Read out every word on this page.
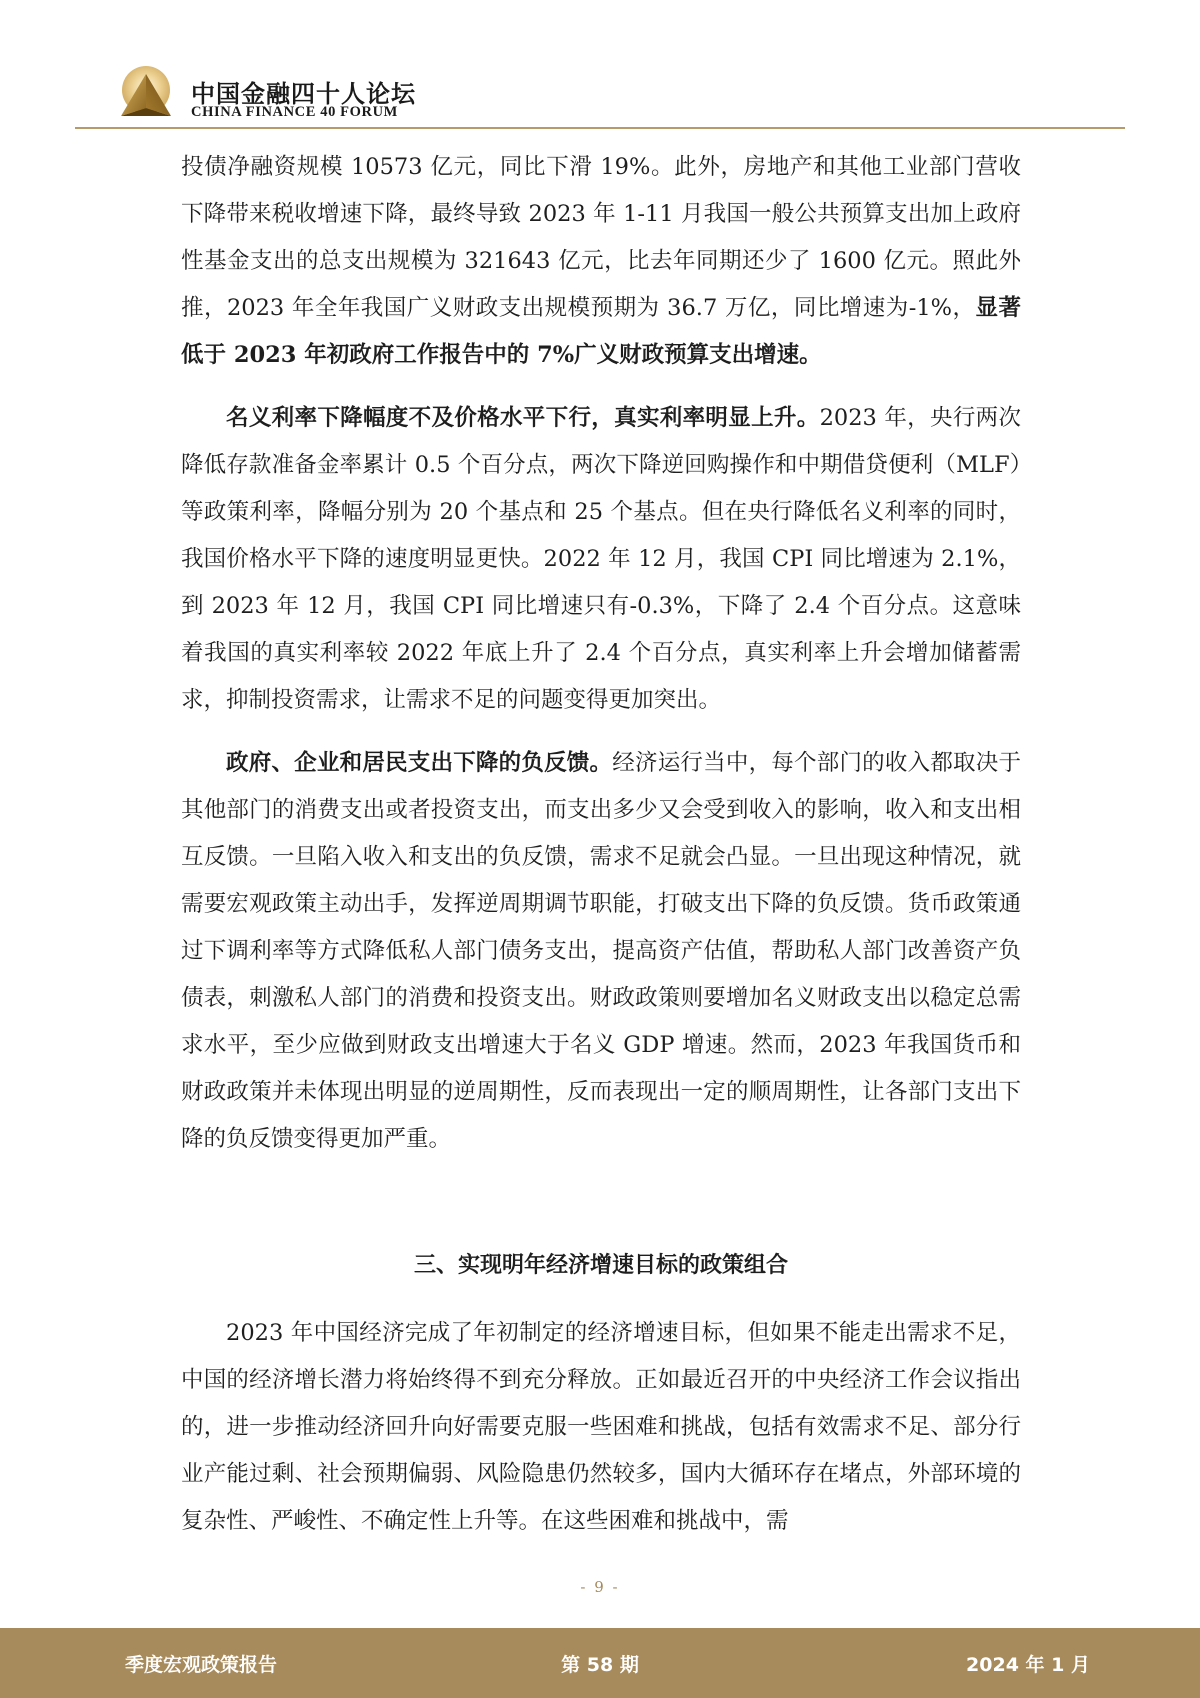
中国金融四十人论坛
CHINA FINANCE 40 FORUM

投债净融资规模 10573 亿元，同比下滑 19%。此外，房地产和其他工业部门营收下降带来税收增速下降，最终导致 2023 年 1-11 月我国一般公共预算支出加上政府性基金支出的总支出规模为 321643 亿元，比去年同期还少了 1600 亿元。照此外推，2023 年全年我国广义财政支出规模预期为 36.7 万亿，同比增速为-1%，显著低于 2023 年初政府工作报告中的 7%广义财政预算支出增速。

名义利率下降幅度不及价格水平下行，真实利率明显上升。2023 年，央行两次降低存款准备金率累计 0.5 个百分点，两次下降逆回购操作和中期借贷便利（MLF）等政策利率，降幅分别为 20 个基点和 25 个基点。但在央行降低名义利率的同时，我国价格水平下降的速度明显更快。2022 年 12 月，我国 CPI 同比增速为 2.1%，到 2023 年 12 月，我国 CPI 同比增速只有-0.3%，下降了 2.4 个百分点。这意味着我国的真实利率较 2022 年底上升了 2.4 个百分点，真实利率上升会增加储蓄需求，抑制投资需求，让需求不足的问题变得更加突出。

政府、企业和居民支出下降的负反馈。经济运行当中，每个部门的收入都取决于其他部门的消费支出或者投资支出，而支出多少又会受到收入的影响，收入和支出相互反馈。一旦陷入收入和支出的负反馈，需求不足就会凸显。一旦出现这种情况，就需要宏观政策主动出手，发挥逆周期调节职能，打破支出下降的负反馈。货币政策通过下调利率等方式降低私人部门债务支出，提高资产估值，帮助私人部门改善资产负债表，刺激私人部门的消费和投资支出。财政政策则要增加名义财政支出以稳定总需求水平，至少应做到财政支出增速大于名义 GDP 增速。然而，2023 年我国货币和财政政策并未体现出明显的逆周期性，反而表现出一定的顺周期性，让各部门支出下降的负反馈变得更加严重。

三、实现明年经济增速目标的政策组合

2023 年中国经济完成了年初制定的经济增速目标，但如果不能走出需求不足，中国的经济增长潜力将始终得不到充分释放。正如最近召开的中央经济工作会议指出的，进一步推动经济回升向好需要克服一些困难和挑战，包括有效需求不足、部分行业产能过剩、社会预期偏弱、风险隐患仍然较多，国内大循环存在堵点，外部环境的复杂性、严峻性、不确定性上升等。在这些困难和挑战中，需

- 9 -
季度宏观政策报告	第 58 期	2024 年 1 月
